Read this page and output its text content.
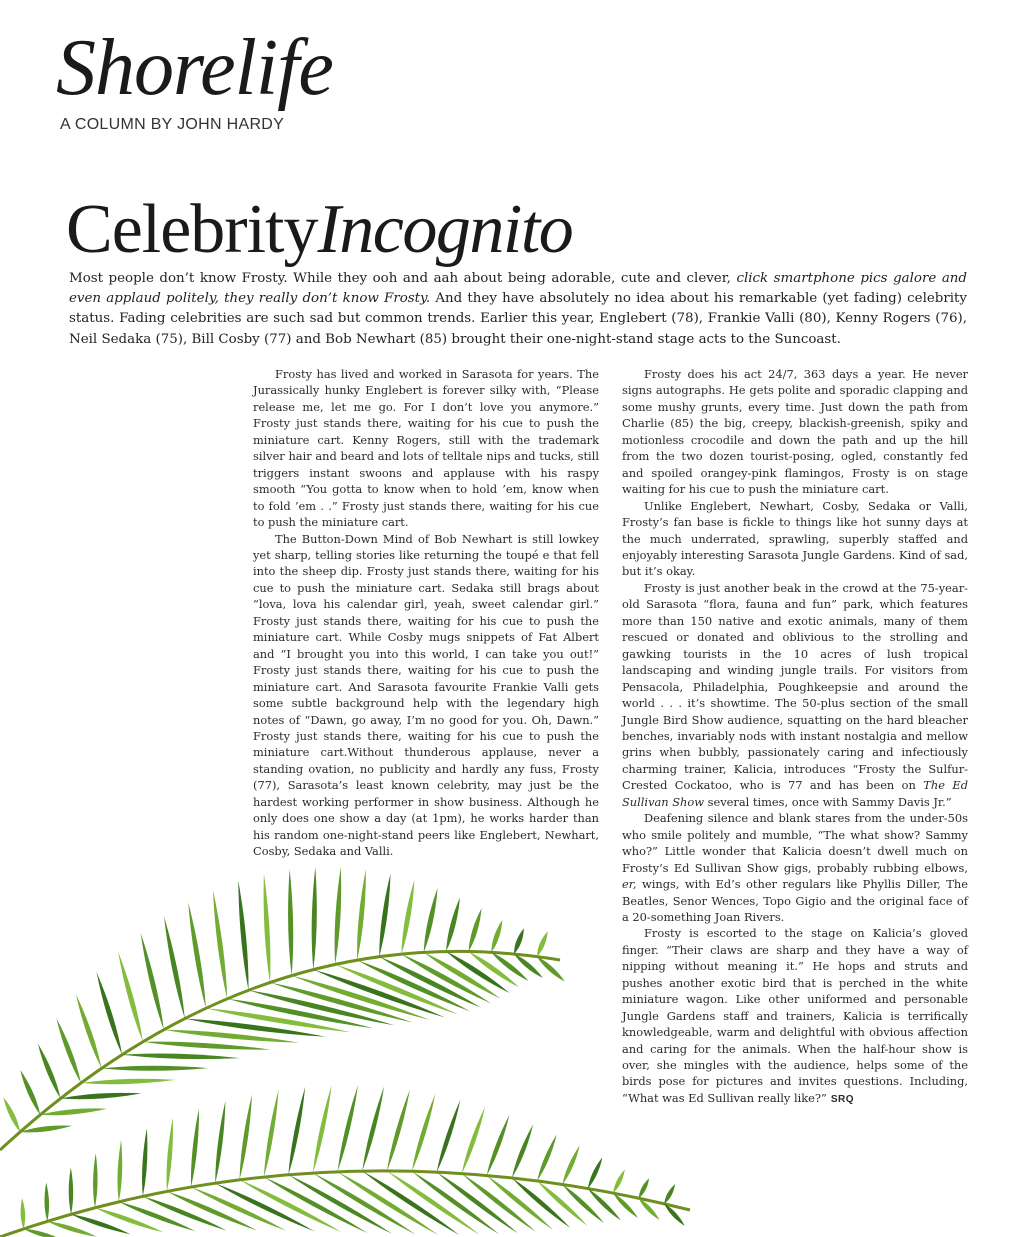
Shorelife
A COLUMN BY JOHN HARDY
CelebrityIncognito

Most people don’t know Frosty. While they ooh and aah about being adorable, cute and clever, click smartphone pics galore and even applaud politely, they really don’t know Frosty. And they have absolutely no idea about his remarkable (yet fading) celebrity status. Fading celebrities are such sad but common trends. Earlier this year, Englebert (78), Frankie Valli (80), Kenny Rogers (76), Neil Sedaka (75), Bill Cosby (77) and Bob Newhart (85) brought their one-night-stand stage acts to the Suncoast.

Frosty has lived and worked in Sarasota for years. The Jurassically hunky Englebert is forever silky with, “Please release me, let me go. For I don’t love you anymore.” Frosty just stands there, waiting for his cue to push the miniature cart. Kenny Rogers, still with the trademark silver hair and beard and lots of telltale nips and tucks, still triggers instant swoons and applause with his raspy smooth “You gotta to know when to hold ’em, know when to fold ’em . .” Frosty just stands there, waiting for his cue to push the miniature cart.

The Button-Down Mind of Bob Newhart is still lowkey yet sharp, telling stories like returning the toupé e that fell into the sheep dip. Frosty just stands there, waiting for his cue to push the miniature cart. Sedaka still brags about “lova, lova his calendar girl, yeah, sweet calendar girl.” Frosty just stands there, waiting for his cue to push the miniature cart. While Cosby mugs snippets of Fat Albert and “I brought you into this world, I can take you out!” Frosty just stands there, waiting for his cue to push the miniature cart. And Sarasota favourite Frankie Valli gets some subtle background help with the legendary high notes of “Dawn, go away, I’m no good for you. Oh, Dawn.” Frosty just stands there, waiting for his cue to push the miniature cart.Without thunderous applause, never a standing ovation, no publicity and hardly any fuss, Frosty (77), Sarasota’s least known celebrity, may just be the hardest working performer in show business. Although he only does one show a day (at 1pm), he works harder than his random one-night-stand peers like Englebert, Newhart, Cosby, Sedaka and Valli.

Frosty does his act 24/7, 363 days a year. He never signs autographs. He gets polite and sporadic clapping and some mushy grunts, every time. Just down the path from Charlie (85) the big, creepy, blackish-greenish, spiky and motionless crocodile and down the path and up the hill from the two dozen tourist-posing, ogled, constantly fed and spoiled orangey-pink flamingos, Frosty is on stage waiting for his cue to push the miniature cart.

Unlike Englebert, Newhart, Cosby, Sedaka or Valli, Frosty’s fan base is fickle to things like hot sunny days at the much underrated, sprawling, superbly staffed and enjoyably interesting Sarasota Jungle Gardens. Kind of sad, but it’s okay.

Frosty is just another beak in the crowd at the 75-year-old Sarasota “flora, fauna and fun” park, which features more than 150 native and exotic animals, many of them rescued or donated and oblivious to the strolling and gawking tourists in the 10 acres of lush tropical landscaping and winding jungle trails. For visitors from Pensacola, Philadelphia, Poughkeepsie and around the world . . . it’s showtime. The 50-plus section of the small Jungle Bird Show audience, squatting on the hard bleacher benches, invariably nods with instant nostalgia and mellow grins when bubbly, passionately caring and infectiously charming trainer, Kalicia, introduces “Frosty the Sulfur-Crested Cockatoo, who is 77 and has been on The Ed Sullivan Show several times, once with Sammy Davis Jr.”

Deafening silence and blank stares from the under-50s who smile politely and mumble, “The what show? Sammy who?” Little wonder that Kalicia doesn’t dwell much on Frosty’s Ed Sullivan Show gigs, probably rubbing elbows, er, wings, with Ed’s other regulars like Phyllis Diller, The Beatles, Senor Wences, Topo Gigio and the original face of a 20-something Joan Rivers.

Frosty is escorted to the stage on Kalicia’s gloved finger. “Their claws are sharp and they have a way of nipping without meaning it.” He hops and struts and pushes another exotic bird that is perched in the white miniature wagon. Like other uniformed and personable Jungle Gardens staff and trainers, Kalicia is terrifically knowledgeable, warm and delightful with obvious affection and caring for the animals. When the half-hour show is over, she mingles with the audience, helps some of the birds pose for pictures and invites questions. Including, “What was Ed Sullivan really like?” SRQ
